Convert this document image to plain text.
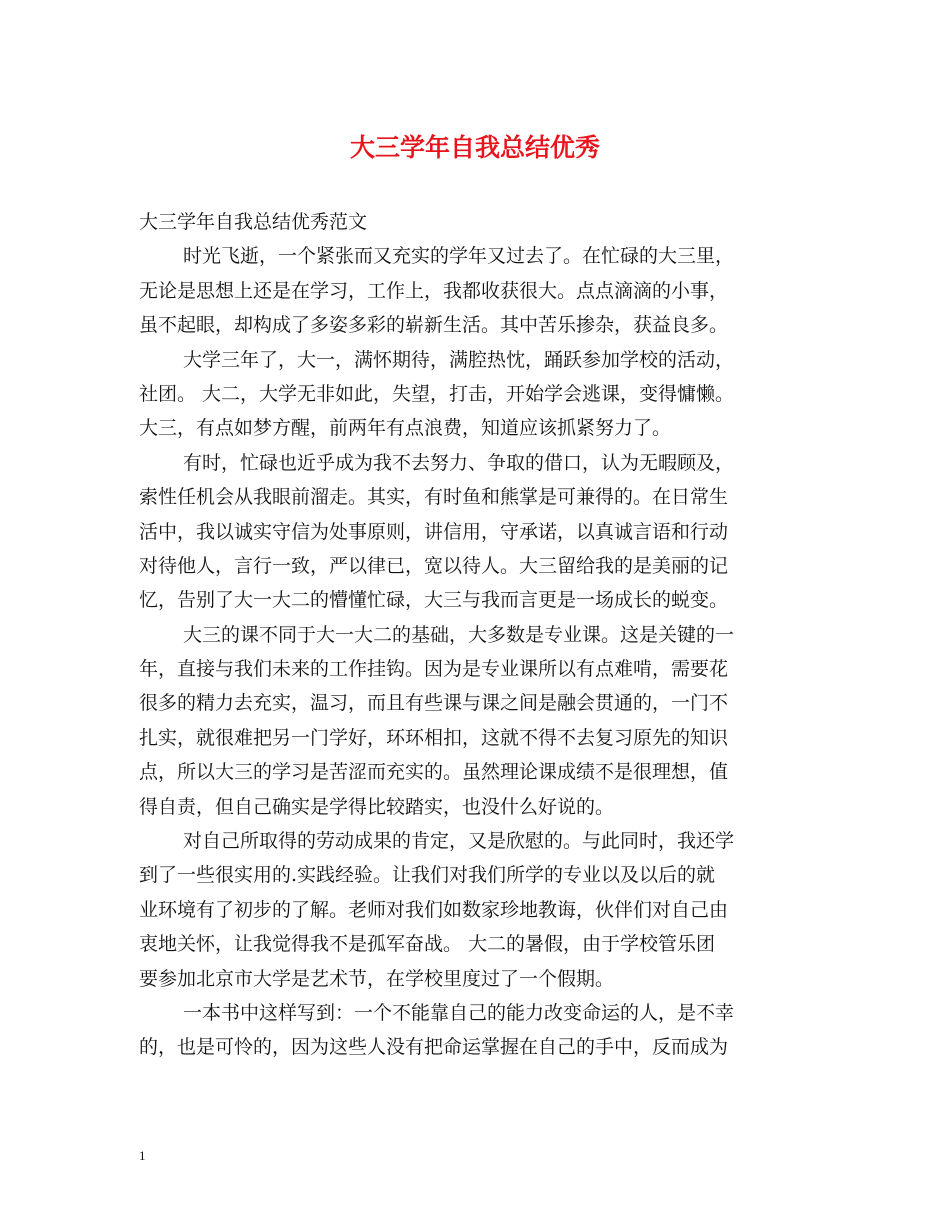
大三学年自我总结优秀
大三学年自我总结优秀范文
时光飞逝，一个紧张而又充实的学年又过去了。在忙碌的大三里，
无论是思想上还是在学习，工作上，我都收获很大。点点滴滴的小事，
虽不起眼，却构成了多姿多彩的崭新生活。其中苦乐掺杂，获益良多。
大学三年了，大一，满怀期待，满腔热忱，踊跃参加学校的活动，
社团。 大二，大学无非如此，失望，打击，开始学会逃课，变得慵懒。
大三，有点如梦方醒，前两年有点浪费，知道应该抓紧努力了。
有时，忙碌也近乎成为我不去努力、争取的借口，认为无暇顾及，
索性任机会从我眼前溜走。其实，有时鱼和熊掌是可兼得的。在日常生
活中，我以诚实守信为处事原则，讲信用，守承诺，以真诚言语和行动
对待他人，言行一致，严以律已，宽以待人。大三留给我的是美丽的记
忆，告别了大一大二的懵懂忙碌，大三与我而言更是一场成长的蜕变。
大三的课不同于大一大二的基础，大多数是专业课。这是关键的一
年，直接与我们未来的工作挂钩。因为是专业课所以有点难啃，需要花
很多的精力去充实，温习，而且有些课与课之间是融会贯通的，一门不
扎实，就很难把另一门学好，环环相扣，这就不得不去复习原先的知识
点，所以大三的学习是苦涩而充实的。虽然理论课成绩不是很理想，值
得自责，但自己确实是学得比较踏实，也没什么好说的。
对自己所取得的劳动成果的肯定，又是欣慰的。与此同时，我还学
到了一些很实用的.实践经验。让我们对我们所学的专业以及以后的就
业环境有了初步的了解。老师对我们如数家珍地教诲，伙伴们对自己由
衷地关怀，让我觉得我不是孤军奋战。 大二的暑假，由于学校管乐团
要参加北京市大学是艺术节，在学校里度过了一个假期。
一本书中这样写到：一个不能靠自己的能力改变命运的人，是不幸
的，也是可怜的，因为这些人没有把命运掌握在自己的手中，反而成为
1
